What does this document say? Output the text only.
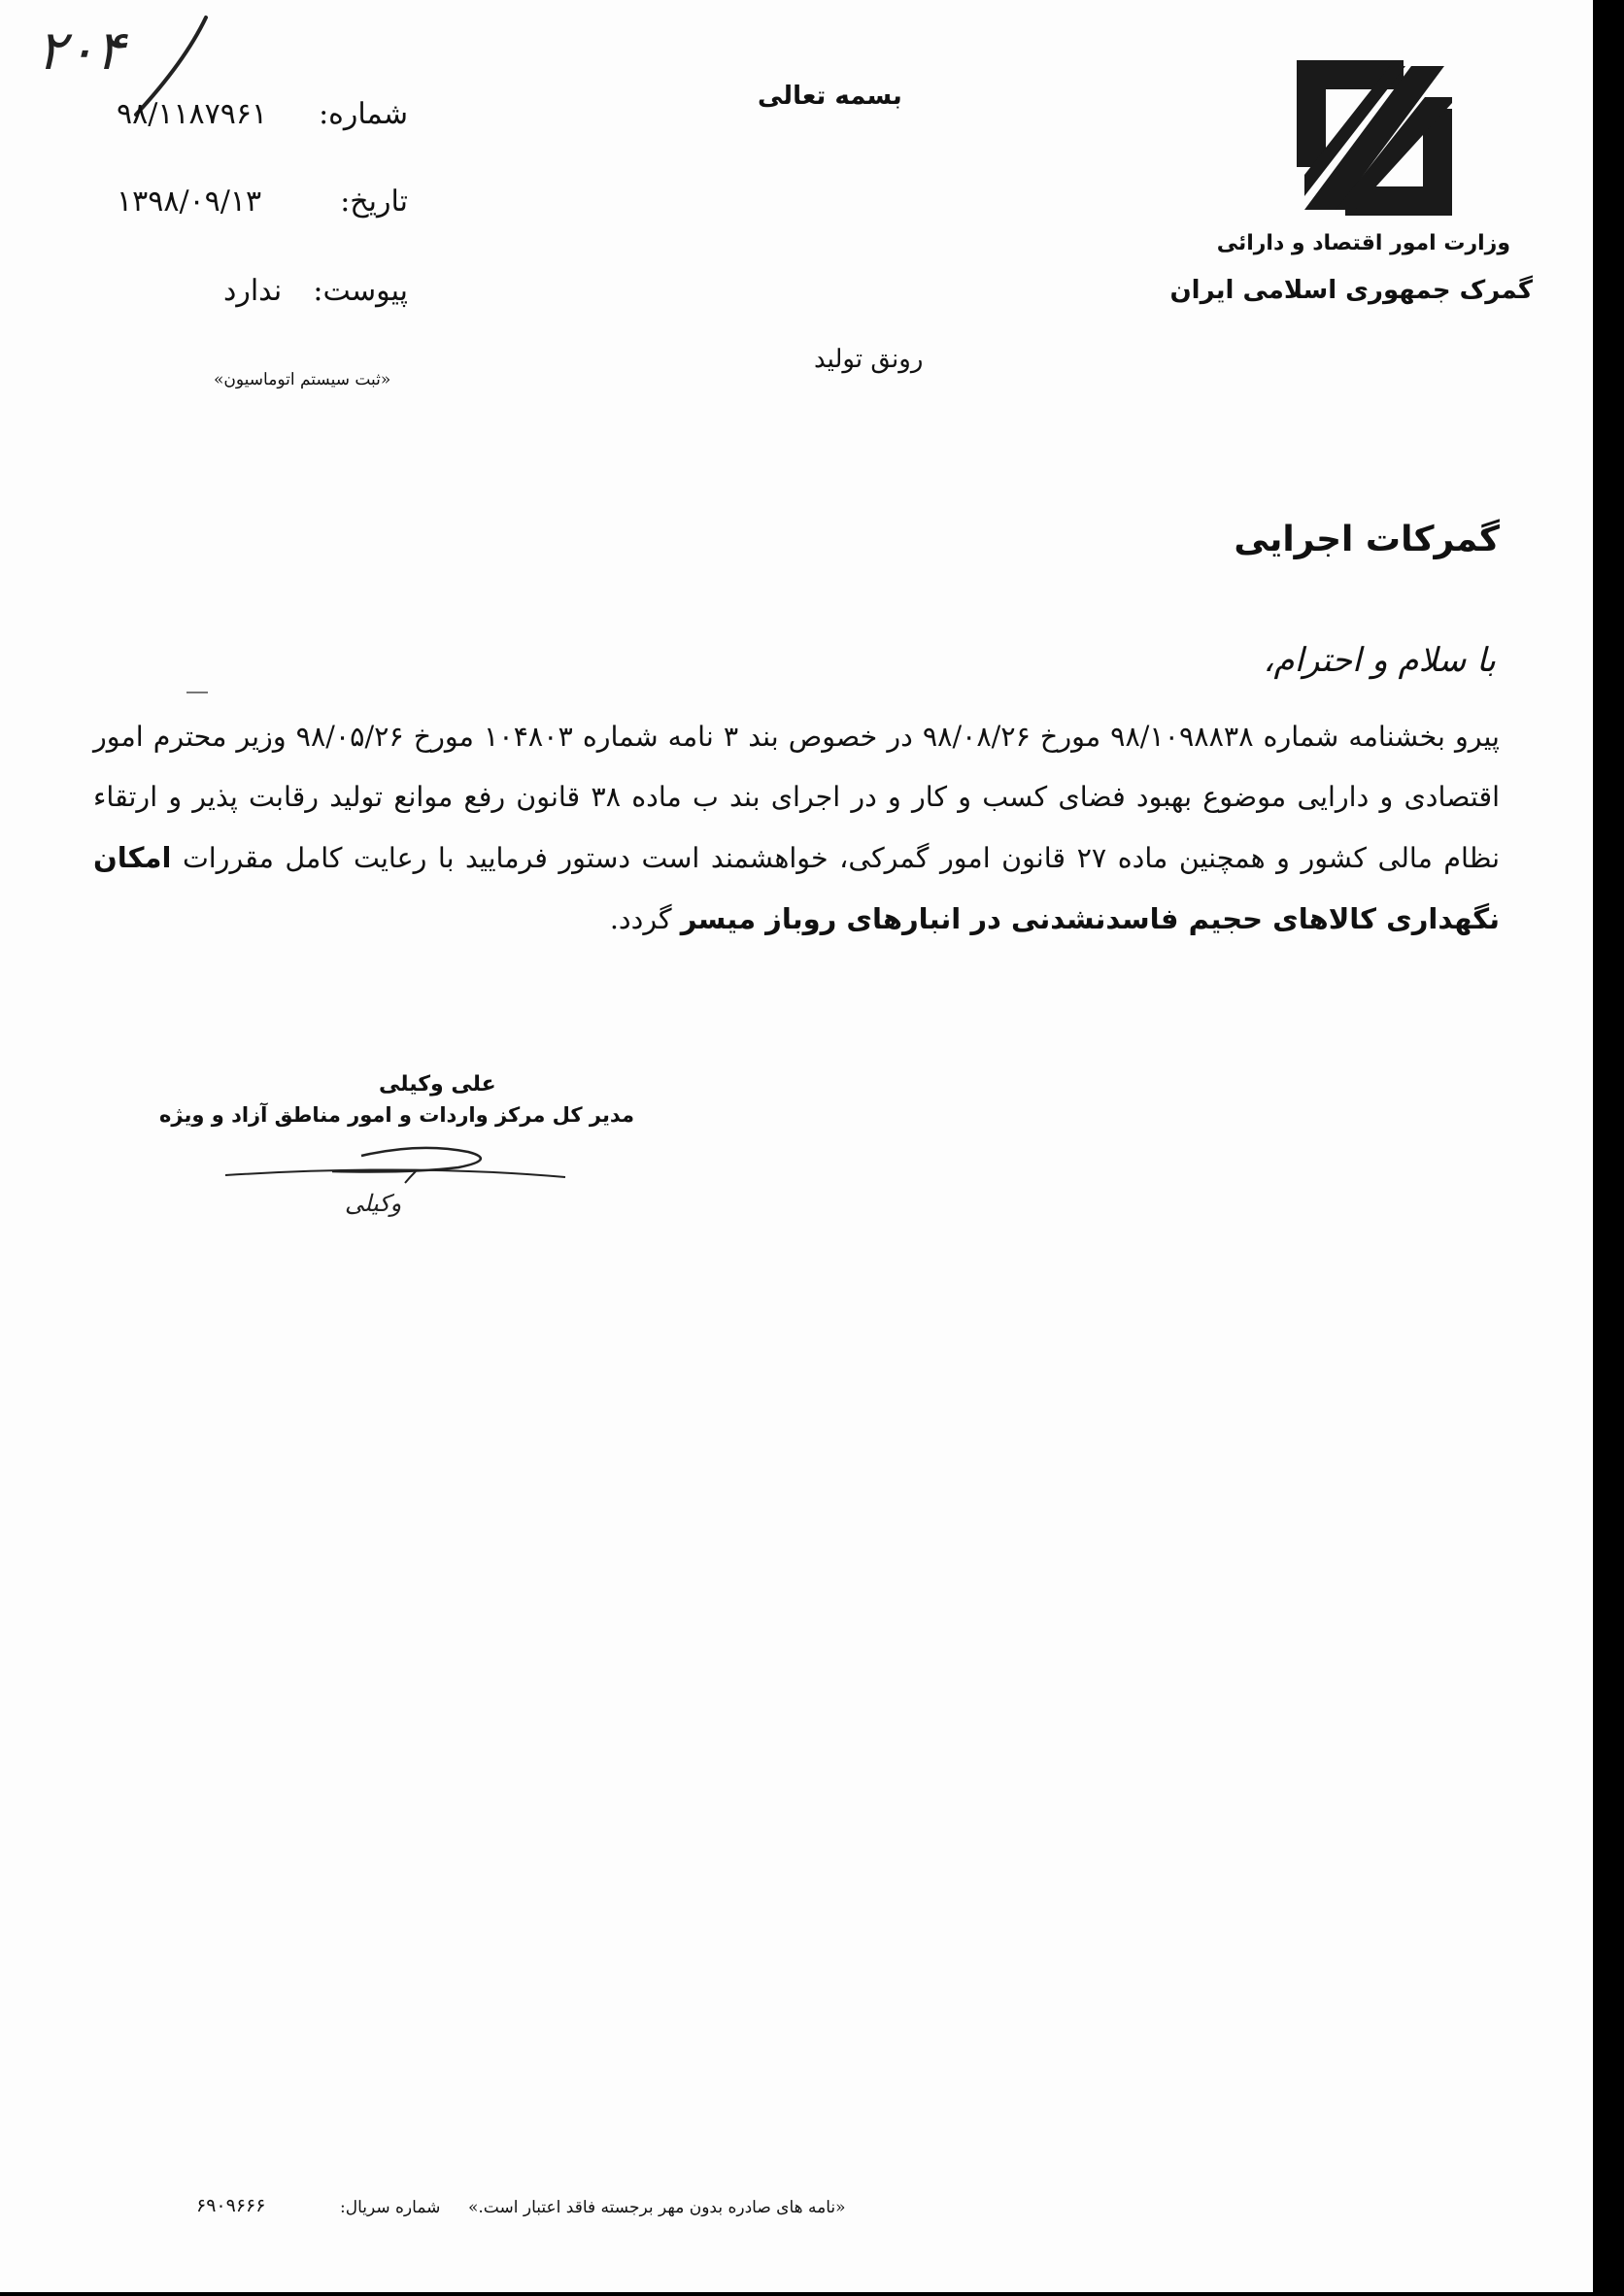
۲۰۴
شماره:
۹۸/۱۱۸۷۹۶۱
تاریخ:
۱۳۹۸/۰۹/۱۳
پیوست:
ندارد
«ثبت سیستم اتوماسیون»
بسمه تعالی
رونق تولید
وزارت امور اقتصاد و دارائی
گمرک جمهوری اسلامی ایران
گمرکات اجرایی
با سلام و احترام،
پیرو بخشنامه شماره ۹۸/۱۰۹۸۸۳۸ مورخ ۹۸/۰۸/۲۶ در خصوص بند ۳ نامه شماره ۱۰۴۸۰۳ مورخ ۹۸/۰۵/۲۶ وزیر محترم امور اقتصادی و دارایی موضوع بهبود فضای کسب و کار و در اجرای بند ب ماده ۳۸ قانون رفع موانع تولید رقابت پذیر و ارتقاء نظام مالی کشور و همچنین ماده ۲۷ قانون امور گمرکی، خواهشمند است دستور فرمایید با رعایت کامل مقررات امکان نگهداری کالاهای حجیم فاسدنشدنی در انبارهای روباز میسر گردد.
علی وکیلی
مدیر کل مرکز واردات و امور مناطق آزاد و ویژه
وکیلی
«نامه های صادره بدون مهر برجسته فاقد اعتبار است.»
شماره سریال:
۶۹۰۹۶۶۶
